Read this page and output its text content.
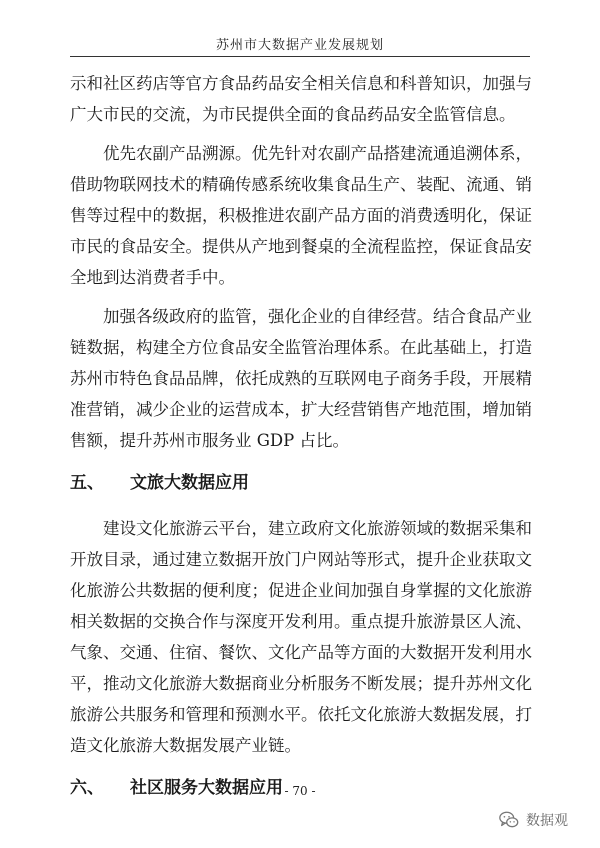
苏州市大数据产业发展规划

示和社区药店等官方食品药品安全相关信息和科普知识，加强与广大市民的交流，为市民提供全面的食品药品安全监管信息。

优先农副产品溯源。优先针对农副产品搭建流通追溯体系，借助物联网技术的精确传感系统收集食品生产、装配、流通、销售等过程中的数据，积极推进农副产品方面的消费透明化，保证市民的食品安全。提供从产地到餐桌的全流程监控，保证食品安全地到达消费者手中。

加强各级政府的监管，强化企业的自律经营。结合食品产业链数据，构建全方位食品安全监管治理体系。在此基础上，打造苏州市特色食品品牌，依托成熟的互联网电子商务手段，开展精准营销，减少企业的运营成本，扩大经营销售产地范围，增加销售额，提升苏州市服务业 GDP 占比。

五、 文旅大数据应用

建设文化旅游云平台，建立政府文化旅游领域的数据采集和开放目录，通过建立数据开放门户网站等形式，提升企业获取文化旅游公共数据的便利度；促进企业间加强自身掌握的文化旅游相关数据的交换合作与深度开发利用。重点提升旅游景区人流、气象、交通、住宿、餐饮、文化产品等方面的大数据开发利用水平，推动文化旅游大数据商业分析服务不断发展；提升苏州文化旅游公共服务和管理和预测水平。依托文化旅游大数据发展，打造文化旅游大数据发展产业链。

六、 社区服务大数据应用 - 70 -
数据观
